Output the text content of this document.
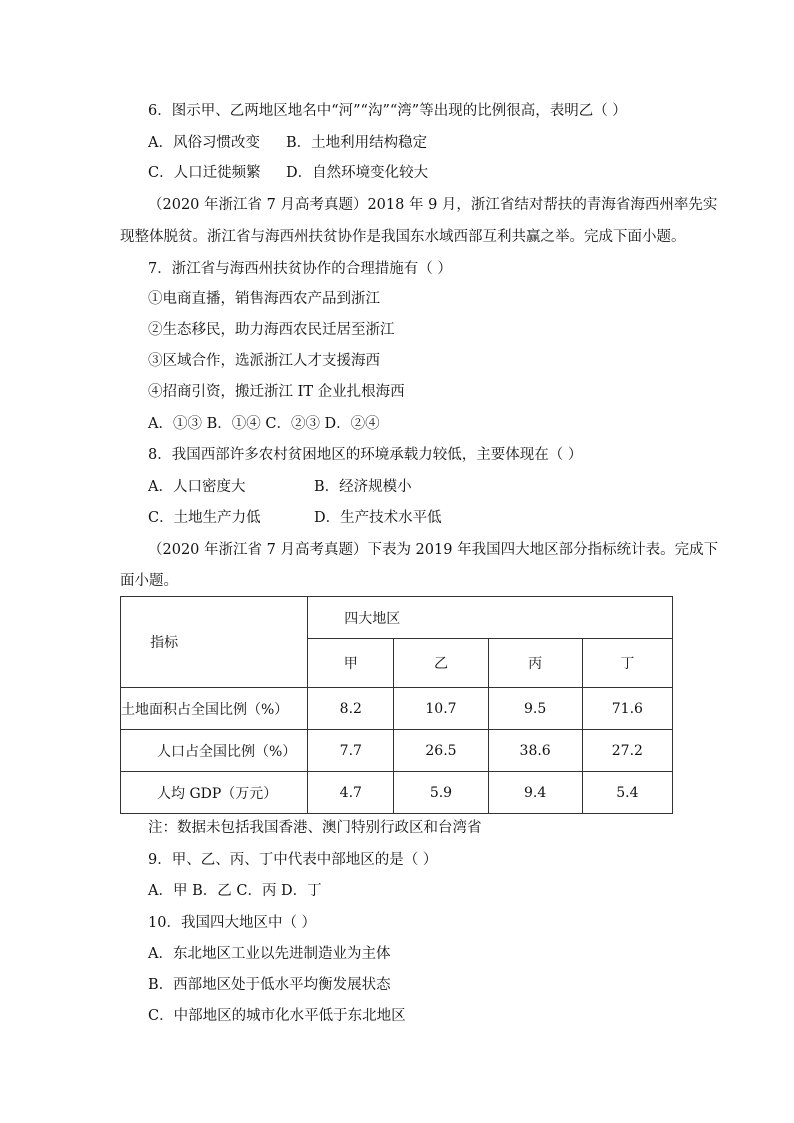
6．图示甲、乙两地区地名中“河”“沟”“湾”等出现的比例很高，表明乙（ ）
A．风俗习惯改变 B．土地利用结构稳定
C．人口迁徙频繁 D．自然环境变化较大
（2020 年浙江省 7 月高考真题）2018 年 9 月，浙江省结对帮扶的青海省海西州率先实
现整体脱贫。浙江省与海西州扶贫协作是我国东水域西部互利共赢之举。完成下面小题。
7．浙江省与海西州扶贫协作的合理措施有（ ）
①电商直播，销售海西农产品到浙江
②生态移民，助力海西农民迁居至浙江
③区域合作，选派浙江人才支援海西
④招商引资，搬迁浙江 IT 企业扎根海西
A．①③ B．①④ C．②③ D．②④
8．我国西部许多农村贫困地区的环境承载力较低，主要体现在（ ）
A．人口密度大	B．经济规模小
C．土地生产力低	D．生产技术水平低
（2020 年浙江省 7 月高考真题）下表为 2019 年我国四大地区部分指标统计表。完成下
面小题。
指标	四大地区			
	甲	乙	丙	丁
土地面积占全国比例（%）	8.2	10.7	9.5	71.6
人口占全国比例（%）	7.7	26.5	38.6	27.2
人均 GDP（万元）	4.7	5.9	9.4	5.4
注：数据未包括我国香港、澳门特别行政区和台湾省
9．甲、乙、丙、丁中代表中部地区的是（ ）
A．甲 B．乙 C．丙 D．丁
10．我国四大地区中（ ）
A．东北地区工业以先进制造业为主体
B．西部地区处于低水平均衡发展状态
C．中部地区的城市化水平低于东北地区
